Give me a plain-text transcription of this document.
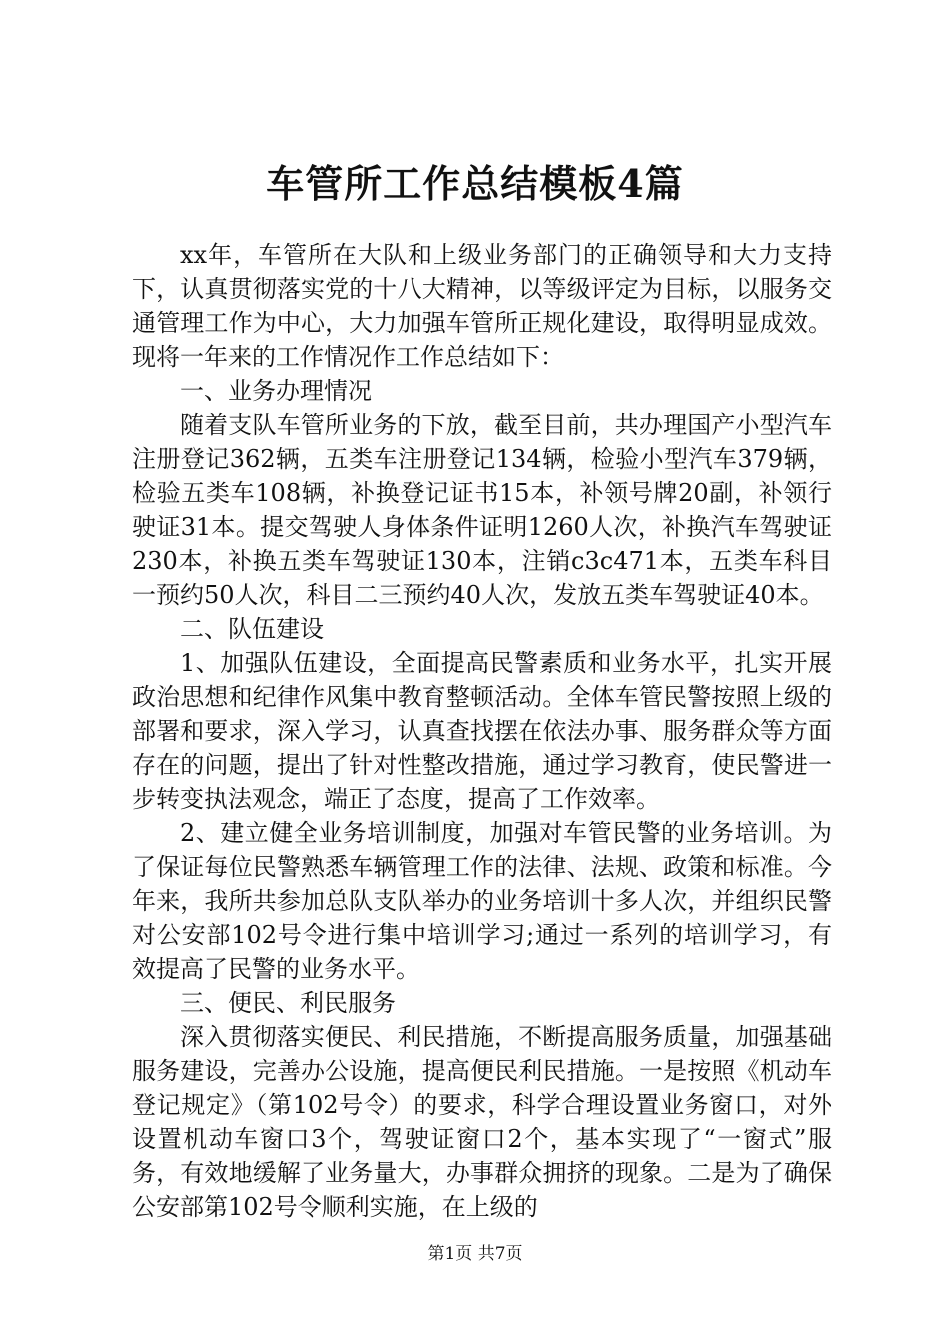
车管所工作总结模板4篇

xx年，车管所在大队和上级业务部门的正确领导和大力支持下，认真贯彻落实党的十八大精神，以等级评定为目标，以服务交通管理工作为中心，大力加强车管所正规化建设，取得明显成效。现将一年来的工作情况作工作总结如下：

一、业务办理情况

随着支队车管所业务的下放，截至目前，共办理国产小型汽车注册登记362辆，五类车注册登记134辆，检验小型汽车379辆，检验五类车108辆，补换登记证书15本，补领号牌20副，补领行驶证31本。提交驾驶人身体条件证明1260人次，补换汽车驾驶证230本，补换五类车驾驶证130本，注销c3c471本，五类车科目一预约50人次，科目二三预约40人次，发放五类车驾驶证40本。

二、队伍建设

1、加强队伍建设，全面提高民警素质和业务水平，扎实开展政治思想和纪律作风集中教育整顿活动。全体车管民警按照上级的部署和要求，深入学习，认真查找摆在依法办事、服务群众等方面存在的问题，提出了针对性整改措施，通过学习教育，使民警进一步转变执法观念，端正了态度，提高了工作效率。

2、建立健全业务培训制度，加强对车管民警的业务培训。为了保证每位民警熟悉车辆管理工作的法律、法规、政策和标准。今年来，我所共参加总队支队举办的业务培训十多人次，并组织民警对公安部102号令进行集中培训学习;通过一系列的培训学习，有效提高了民警的业务水平。

三、便民、利民服务

深入贯彻落实便民、利民措施，不断提高服务质量，加强基础服务建设，完善办公设施，提高便民利民措施。一是按照《机动车登记规定》（第102号令）的要求，科学合理设置业务窗口，对外设置机动车窗口3个，驾驶证窗口2个，基本实现了“一窗式”服务，有效地缓解了业务量大，办事群众拥挤的现象。二是为了确保公安部第102号令顺利实施，在上级的

第1页 共7页
